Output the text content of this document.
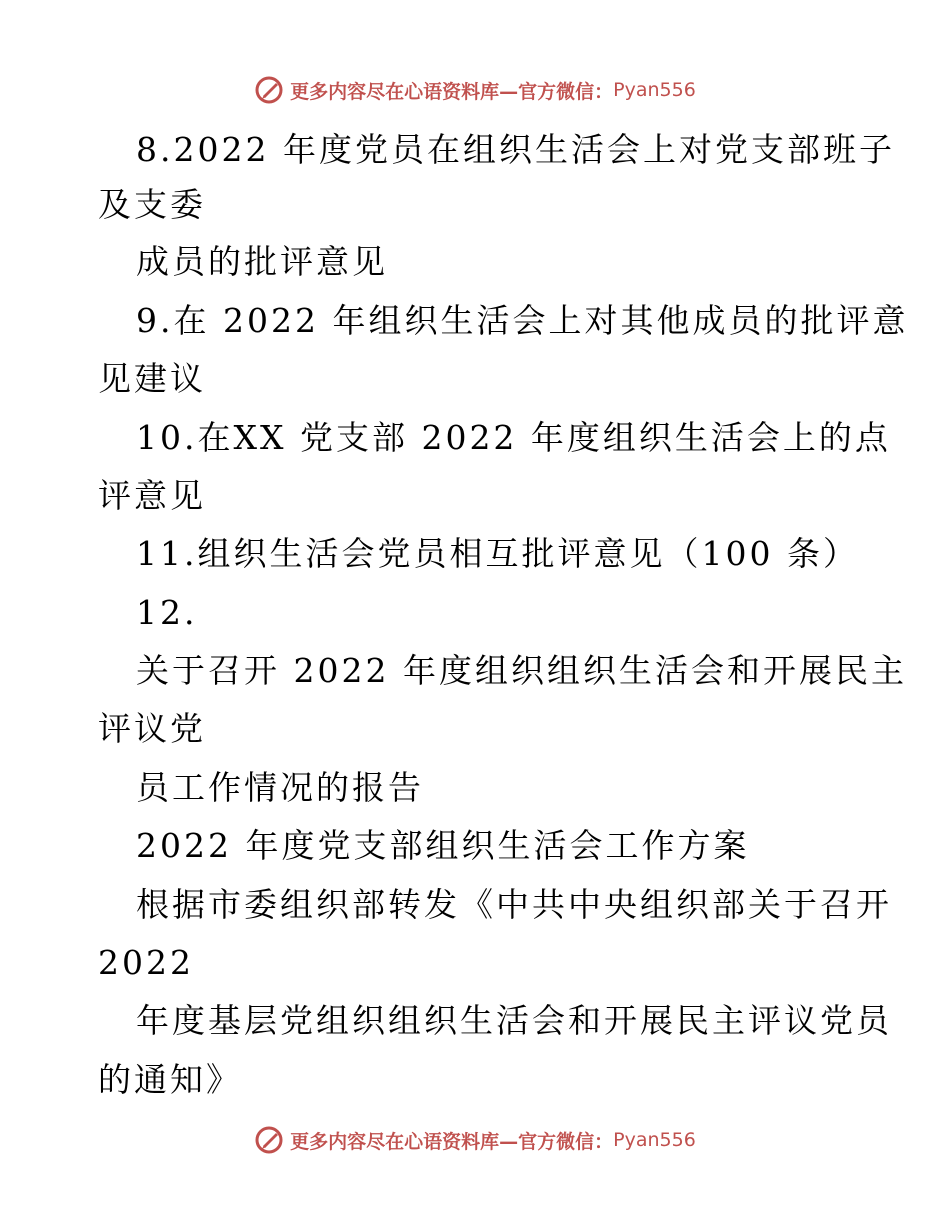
更多内容尽在心语资料库—官方微信： Pyan556
8.2022 年度党员在组织生活会上对党支部班子
及支委
成员的批评意见
9.在 2022 年组织生活会上对其他成员的批评意
见建议
10.在XX 党支部 2022 年度组织生活会上的点
评意见
11.组织生活会党员相互批评意见（100 条）
12.
关于召开 2022 年度组织组织生活会和开展民主
评议党
员工作情况的报告
2022 年度党支部组织生活会工作方案
根据市委组织部转发《中共中央组织部关于召开
2022
年度基层党组织组织生活会和开展民主评议党员
的通知》
更多内容尽在心语资料库—官方微信： Pyan556
